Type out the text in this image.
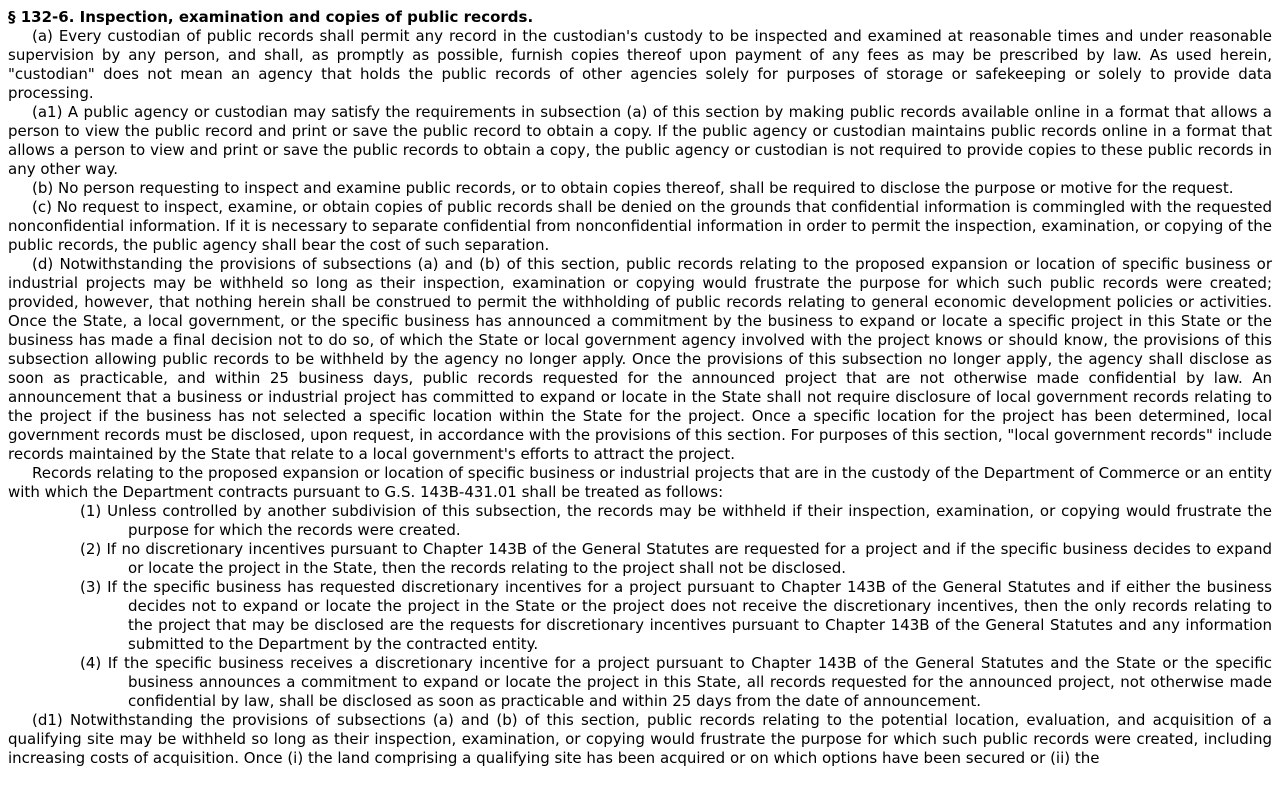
§ 132-6. Inspection, examination and copies of public records.

(a) Every custodian of public records shall permit any record in the custodian's custody to be inspected and examined at reasonable times and under reasonable supervision by any person, and shall, as promptly as possible, furnish copies thereof upon payment of any fees as may be prescribed by law. As used herein, "custodian" does not mean an agency that holds the public records of other agencies solely for purposes of storage or safekeeping or solely to provide data processing.

(a1) A public agency or custodian may satisfy the requirements in subsection (a) of this section by making public records available online in a format that allows a person to view the public record and print or save the public record to obtain a copy. If the public agency or custodian maintains public records online in a format that allows a person to view and print or save the public records to obtain a copy, the public agency or custodian is not required to provide copies to these public records in any other way.

(b) No person requesting to inspect and examine public records, or to obtain copies thereof, shall be required to disclose the purpose or motive for the request.

(c) No request to inspect, examine, or obtain copies of public records shall be denied on the grounds that confidential information is commingled with the requested nonconfidential information. If it is necessary to separate confidential from nonconfidential information in order to permit the inspection, examination, or copying of the public records, the public agency shall bear the cost of such separation.

(d) Notwithstanding the provisions of subsections (a) and (b) of this section, public records relating to the proposed expansion or location of specific business or industrial projects may be withheld so long as their inspection, examination or copying would frustrate the purpose for which such public records were created; provided, however, that nothing herein shall be construed to permit the withholding of public records relating to general economic development policies or activities. Once the State, a local government, or the specific business has announced a commitment by the business to expand or locate a specific project in this State or the business has made a final decision not to do so, of which the State or local government agency involved with the project knows or should know, the provisions of this subsection allowing public records to be withheld by the agency no longer apply. Once the provisions of this subsection no longer apply, the agency shall disclose as soon as practicable, and within 25 business days, public records requested for the announced project that are not otherwise made confidential by law. An announcement that a business or industrial project has committed to expand or locate in the State shall not require disclosure of local government records relating to the project if the business has not selected a specific location within the State for the project. Once a specific location for the project has been determined, local government records must be disclosed, upon request, in accordance with the provisions of this section. For purposes of this section, "local government records" include records maintained by the State that relate to a local government's efforts to attract the project.

Records relating to the proposed expansion or location of specific business or industrial projects that are in the custody of the Department of Commerce or an entity with which the Department contracts pursuant to G.S. 143B-431.01 shall be treated as follows:

(1) Unless controlled by another subdivision of this subsection, the records may be withheld if their inspection, examination, or copying would frustrate the purpose for which the records were created.

(2) If no discretionary incentives pursuant to Chapter 143B of the General Statutes are requested for a project and if the specific business decides to expand or locate the project in the State, then the records relating to the project shall not be disclosed.

(3) If the specific business has requested discretionary incentives for a project pursuant to Chapter 143B of the General Statutes and if either the business decides not to expand or locate the project in the State or the project does not receive the discretionary incentives, then the only records relating to the project that may be disclosed are the requests for discretionary incentives pursuant to Chapter 143B of the General Statutes and any information submitted to the Department by the contracted entity.

(4) If the specific business receives a discretionary incentive for a project pursuant to Chapter 143B of the General Statutes and the State or the specific business announces a commitment to expand or locate the project in this State, all records requested for the announced project, not otherwise made confidential by law, shall be disclosed as soon as practicable and within 25 days from the date of announcement.

(d1) Notwithstanding the provisions of subsections (a) and (b) of this section, public records relating to the potential location, evaluation, and acquisition of a qualifying site may be withheld so long as their inspection, examination, or copying would frustrate the purpose for which such public records were created, including increasing costs of acquisition. Once (i) the land comprising a qualifying site has been acquired or on which options have been secured or (ii) the
